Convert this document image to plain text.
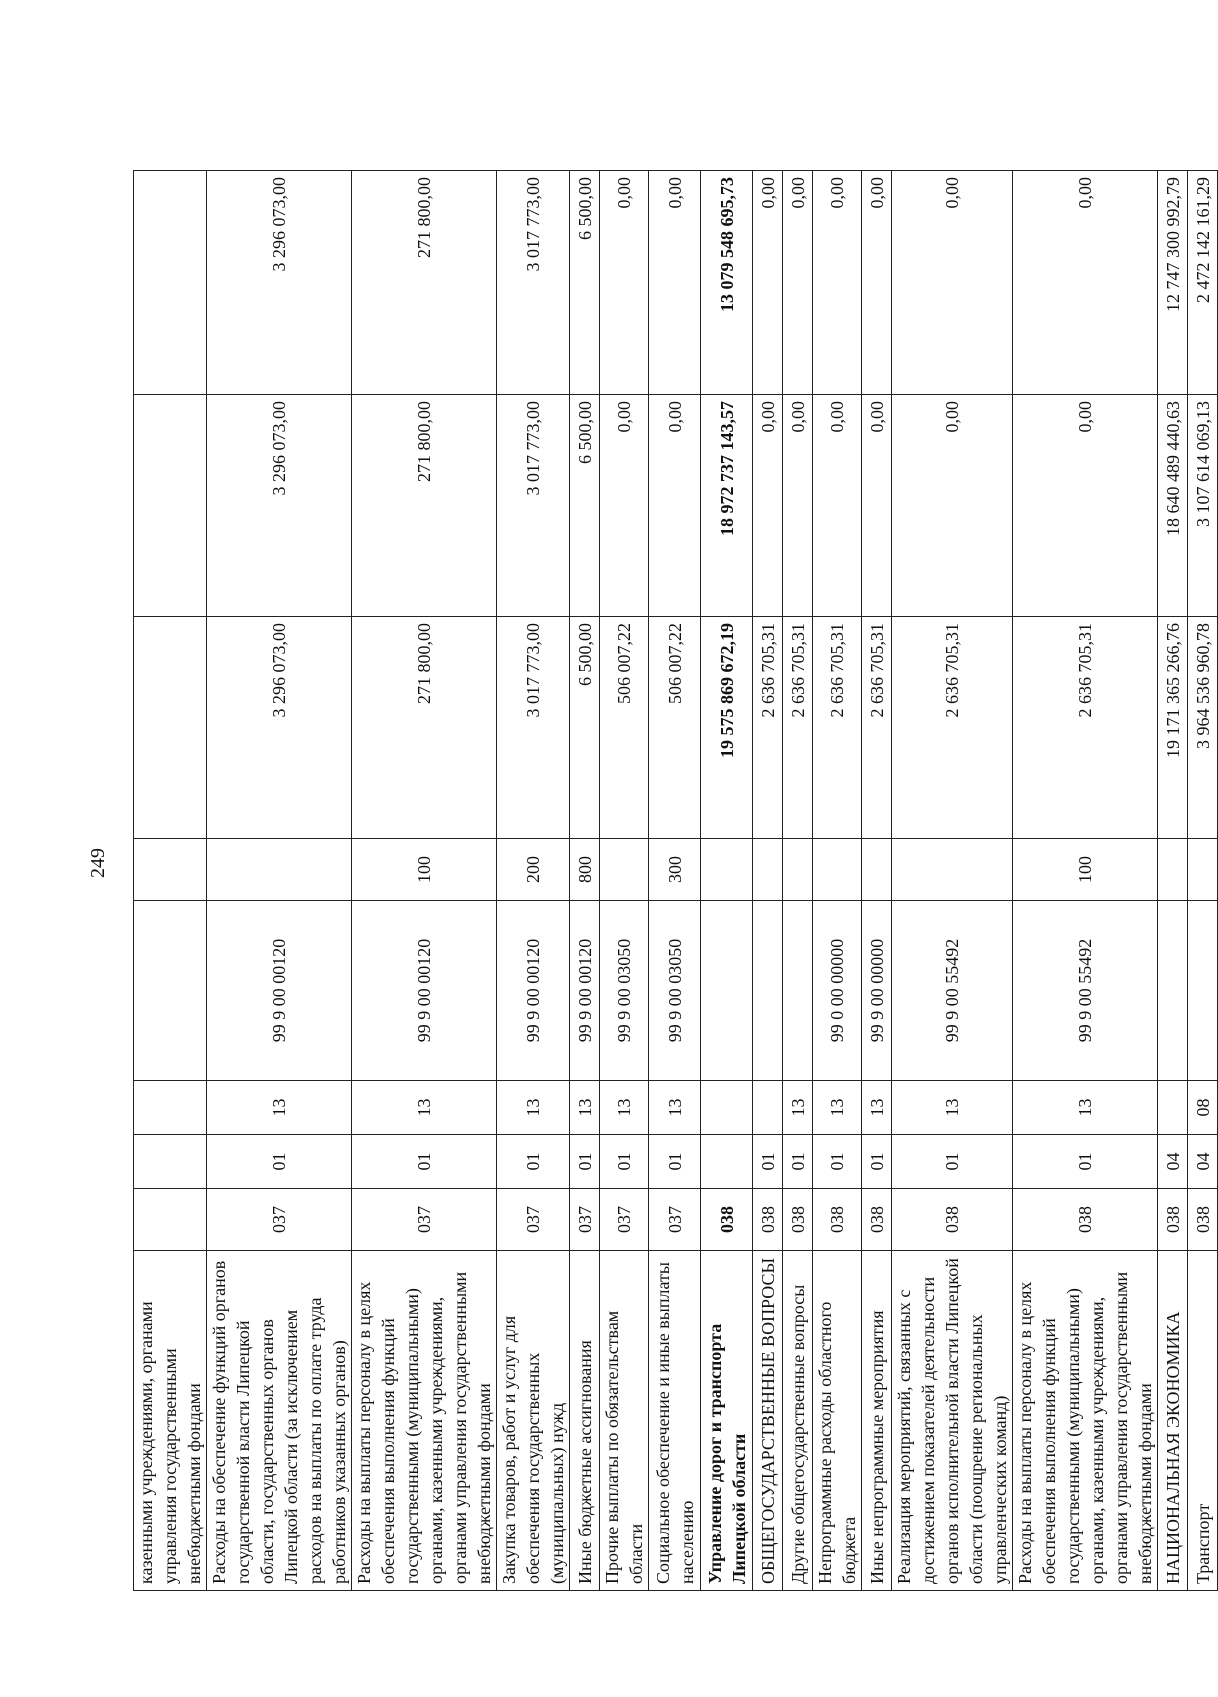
249
казенными учреждениями, органами управления государственными внебюджетными фондами								
Расходы на обеспечение функций органов государственной власти Липецкой области, государственных органов Липецкой области (за исключением расходов на выплаты по оплате труда работников указанных органов)	037	01	13	99 9 00 00120		3 296 073,00	3 296 073,00	3 296 073,00
Расходы на выплаты персоналу в целях обеспечения выполнения функций государственными (муниципальными) органами, казенными учреждениями, органами управления государственными внебюджетными фондами	037	01	13	99 9 00 00120	100	271 800,00	271 800,00	271 800,00
Закупка товаров, работ и услуг для обеспечения государственных (муниципальных) нужд	037	01	13	99 9 00 00120	200	3 017 773,00	3 017 773,00	3 017 773,00
Иные бюджетные ассигнования	037	01	13	99 9 00 00120	800	6 500,00	6 500,00	6 500,00
Прочие выплаты по обязательствам области	037	01	13	99 9 00 03050		506 007,22	0,00	0,00
Социальное обеспечение и иные выплаты населению	037	01	13	99 9 00 03050	300	506 007,22	0,00	0,00
Управление дорог и транспорта Липецкой области	038					19 575 869 672,19	18 972 737 143,57	13 079 548 695,73
ОБЩЕГОСУДАРСТВЕННЫЕ ВОПРОСЫ	038	01				2 636 705,31	0,00	0,00
Другие общегосударственные вопросы	038	01	13			2 636 705,31	0,00	0,00
Непрограммные расходы областного бюджета	038	01	13	99 0 00 00000		2 636 705,31	0,00	0,00
Иные непрограммные мероприятия	038	01	13	99 9 00 00000		2 636 705,31	0,00	0,00
Реализация мероприятий, связанных с достижением показателей деятельности органов исполнительной власти Липецкой области (поощрение региональных управленческих команд)	038	01	13	99 9 00 55492		2 636 705,31	0,00	0,00
Расходы на выплаты персоналу в целях обеспечения выполнения функций государственными (муниципальными) органами, казенными учреждениями, органами управления государственными внебюджетными фондами	038	01	13	99 9 00 55492	100	2 636 705,31	0,00	0,00
НАЦИОНАЛЬНАЯ ЭКОНОМИКА	038	04				19 171 365 266,76	18 640 489 440,63	12 747 300 992,79
Транспорт	038	04	08			3 964 536 960,78	3 107 614 069,13	2 472 142 161,29
